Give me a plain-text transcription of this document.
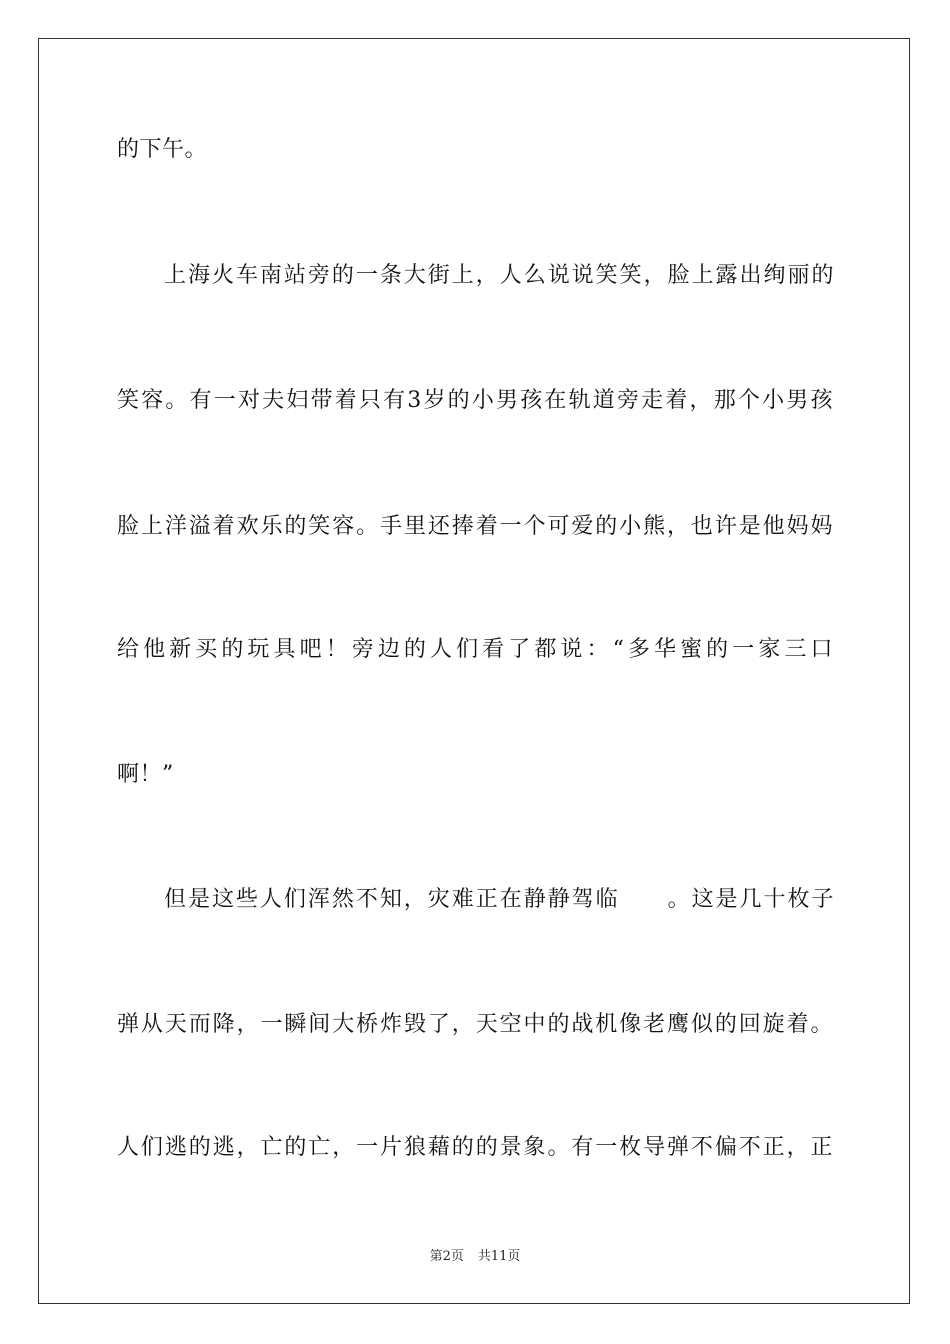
的下午。
上海火车南站旁的一条大街上，人么说说笑笑，脸上露出绚丽的
笑容。有一对夫妇带着只有3岁的小男孩在轨道旁走着，那个小男孩
脸上洋溢着欢乐的笑容。手里还捧着一个可爱的小熊，也许是他妈妈
给他新买的玩具吧！旁边的人们看了都说：“多华蜜的一家三口
啊！”
但是这些人们浑然不知，灾难正在静静驾临　　。这是几十枚子
弹从天而降，一瞬间大桥炸毁了，天空中的战机像老鹰似的回旋着。
人们逃的逃，亡的亡，一片狼藉的的景象。有一枚导弹不偏不正，正
第2页 共11页
